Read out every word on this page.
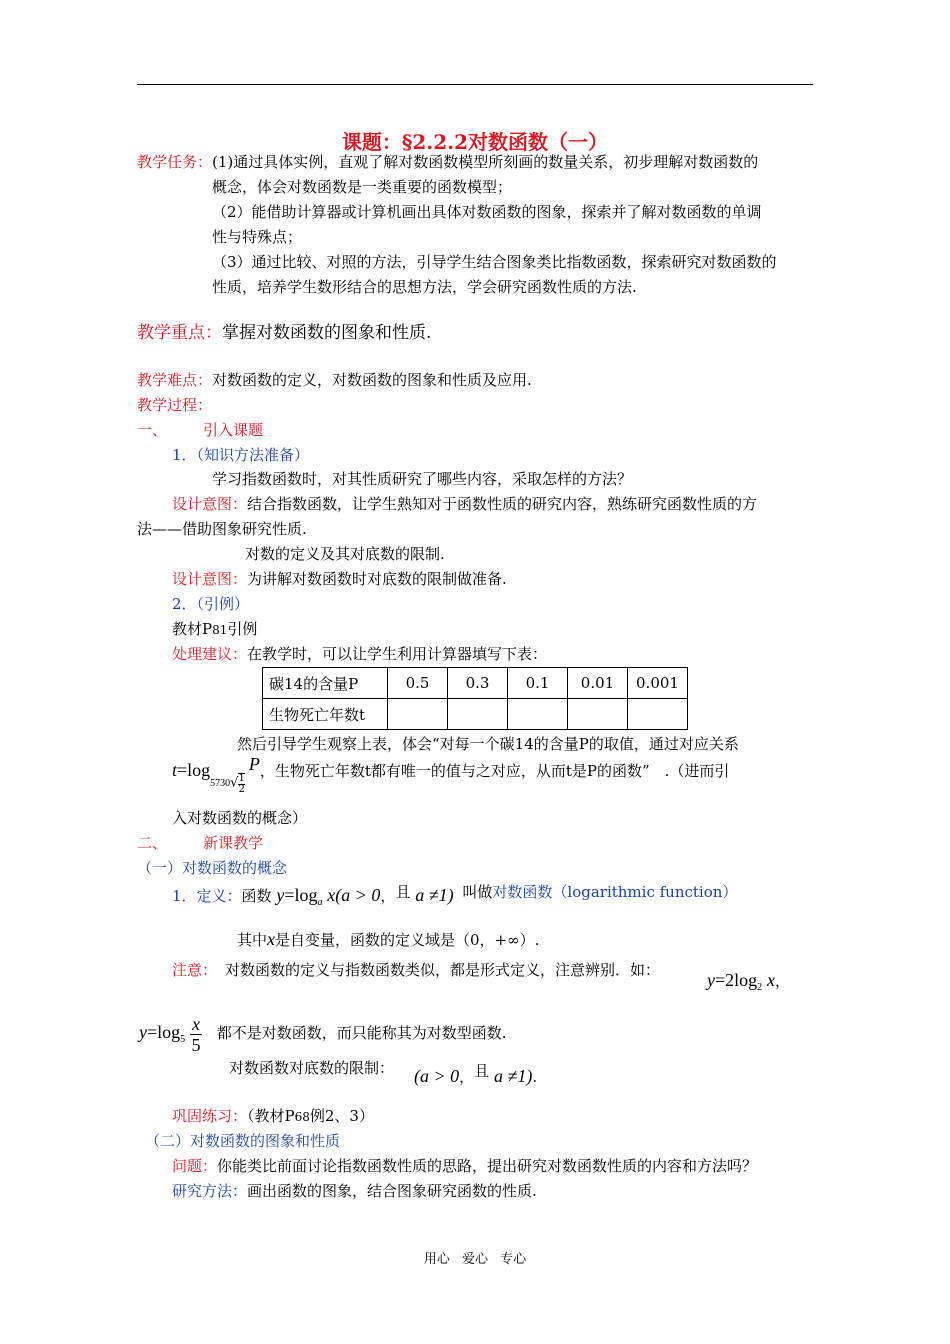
课题：§2.2.2对数函数（一）
教学任务： (1)通过具体实例，直观了解对数函数模型所刻画的数量关系，初步理解对数函数的
概念，体会对数函数是一类重要的函数模型；
（2）能借助计算器或计算机画出具体对数函数的图象，探索并了解对数函数的单调
性与特殊点；
（3）通过比较、对照的方法，引导学生结合图象类比指数函数，探索研究对数函数的
性质，培养学生数形结合的思想方法，学会研究函数性质的方法.
教学重点：掌握对数函数的图象和性质.
教学难点：对数函数的定义，对数函数的图象和性质及应用.
教学过程：
一、 引入课题
1．（知识方法准备）
学习指数函数时，对其性质研究了哪些内容，采取怎样的方法？
设计意图：结合指数函数，让学生熟知对于函数性质的研究内容，熟练研究函数性质的方
法——借助图象研究性质.
对数的定义及其对底数的限制.
设计意图：为讲解对数函数时对底数的限制做准备.
2．（引例）
教材P81引例
处理建议：在教学时，可以让学生利用计算器填写下表：
碳14的含量P	0.5	0.3	0.1	0.01	0.001
生物死亡年数t					
然后引导学生观察上表，体会“对每一个碳14的含量P的取值，通过对应关系
$t=\log_{5730}√ \frac{1}{2}$
P，生物死亡年数t都有唯一的值与之对应，从而t是P的函数”　.（进而引
入对数函数的概念）
二、 新课教学
（一）对数函数的概念
1．定义：函数 $y=\log_a$ x(a > 0，且 a ≠1) 叫做对数函数（logarithmic function）
其中x是自变量，函数的定义域是（0，+∞）.
注意： 对数函数的定义与指数函数类似，都是形式定义，注意辨别．如：	$y=2\log_2$ x，
$y=\log_5 \frac{x}{5}$ 都不是对数函数，而只能称其为对数型函数.
对数函数对底数的限制： (a > 0，且 a ≠1).
巩固练习：（教材P68例2、3）
（二）对数函数的图象和性质
问题：你能类比前面讨论指数函数性质的思路，提出研究对数函数性质的内容和方法吗？
研究方法：画出函数的图象，结合图象研究函数的性质.
用心 爱心 专心
